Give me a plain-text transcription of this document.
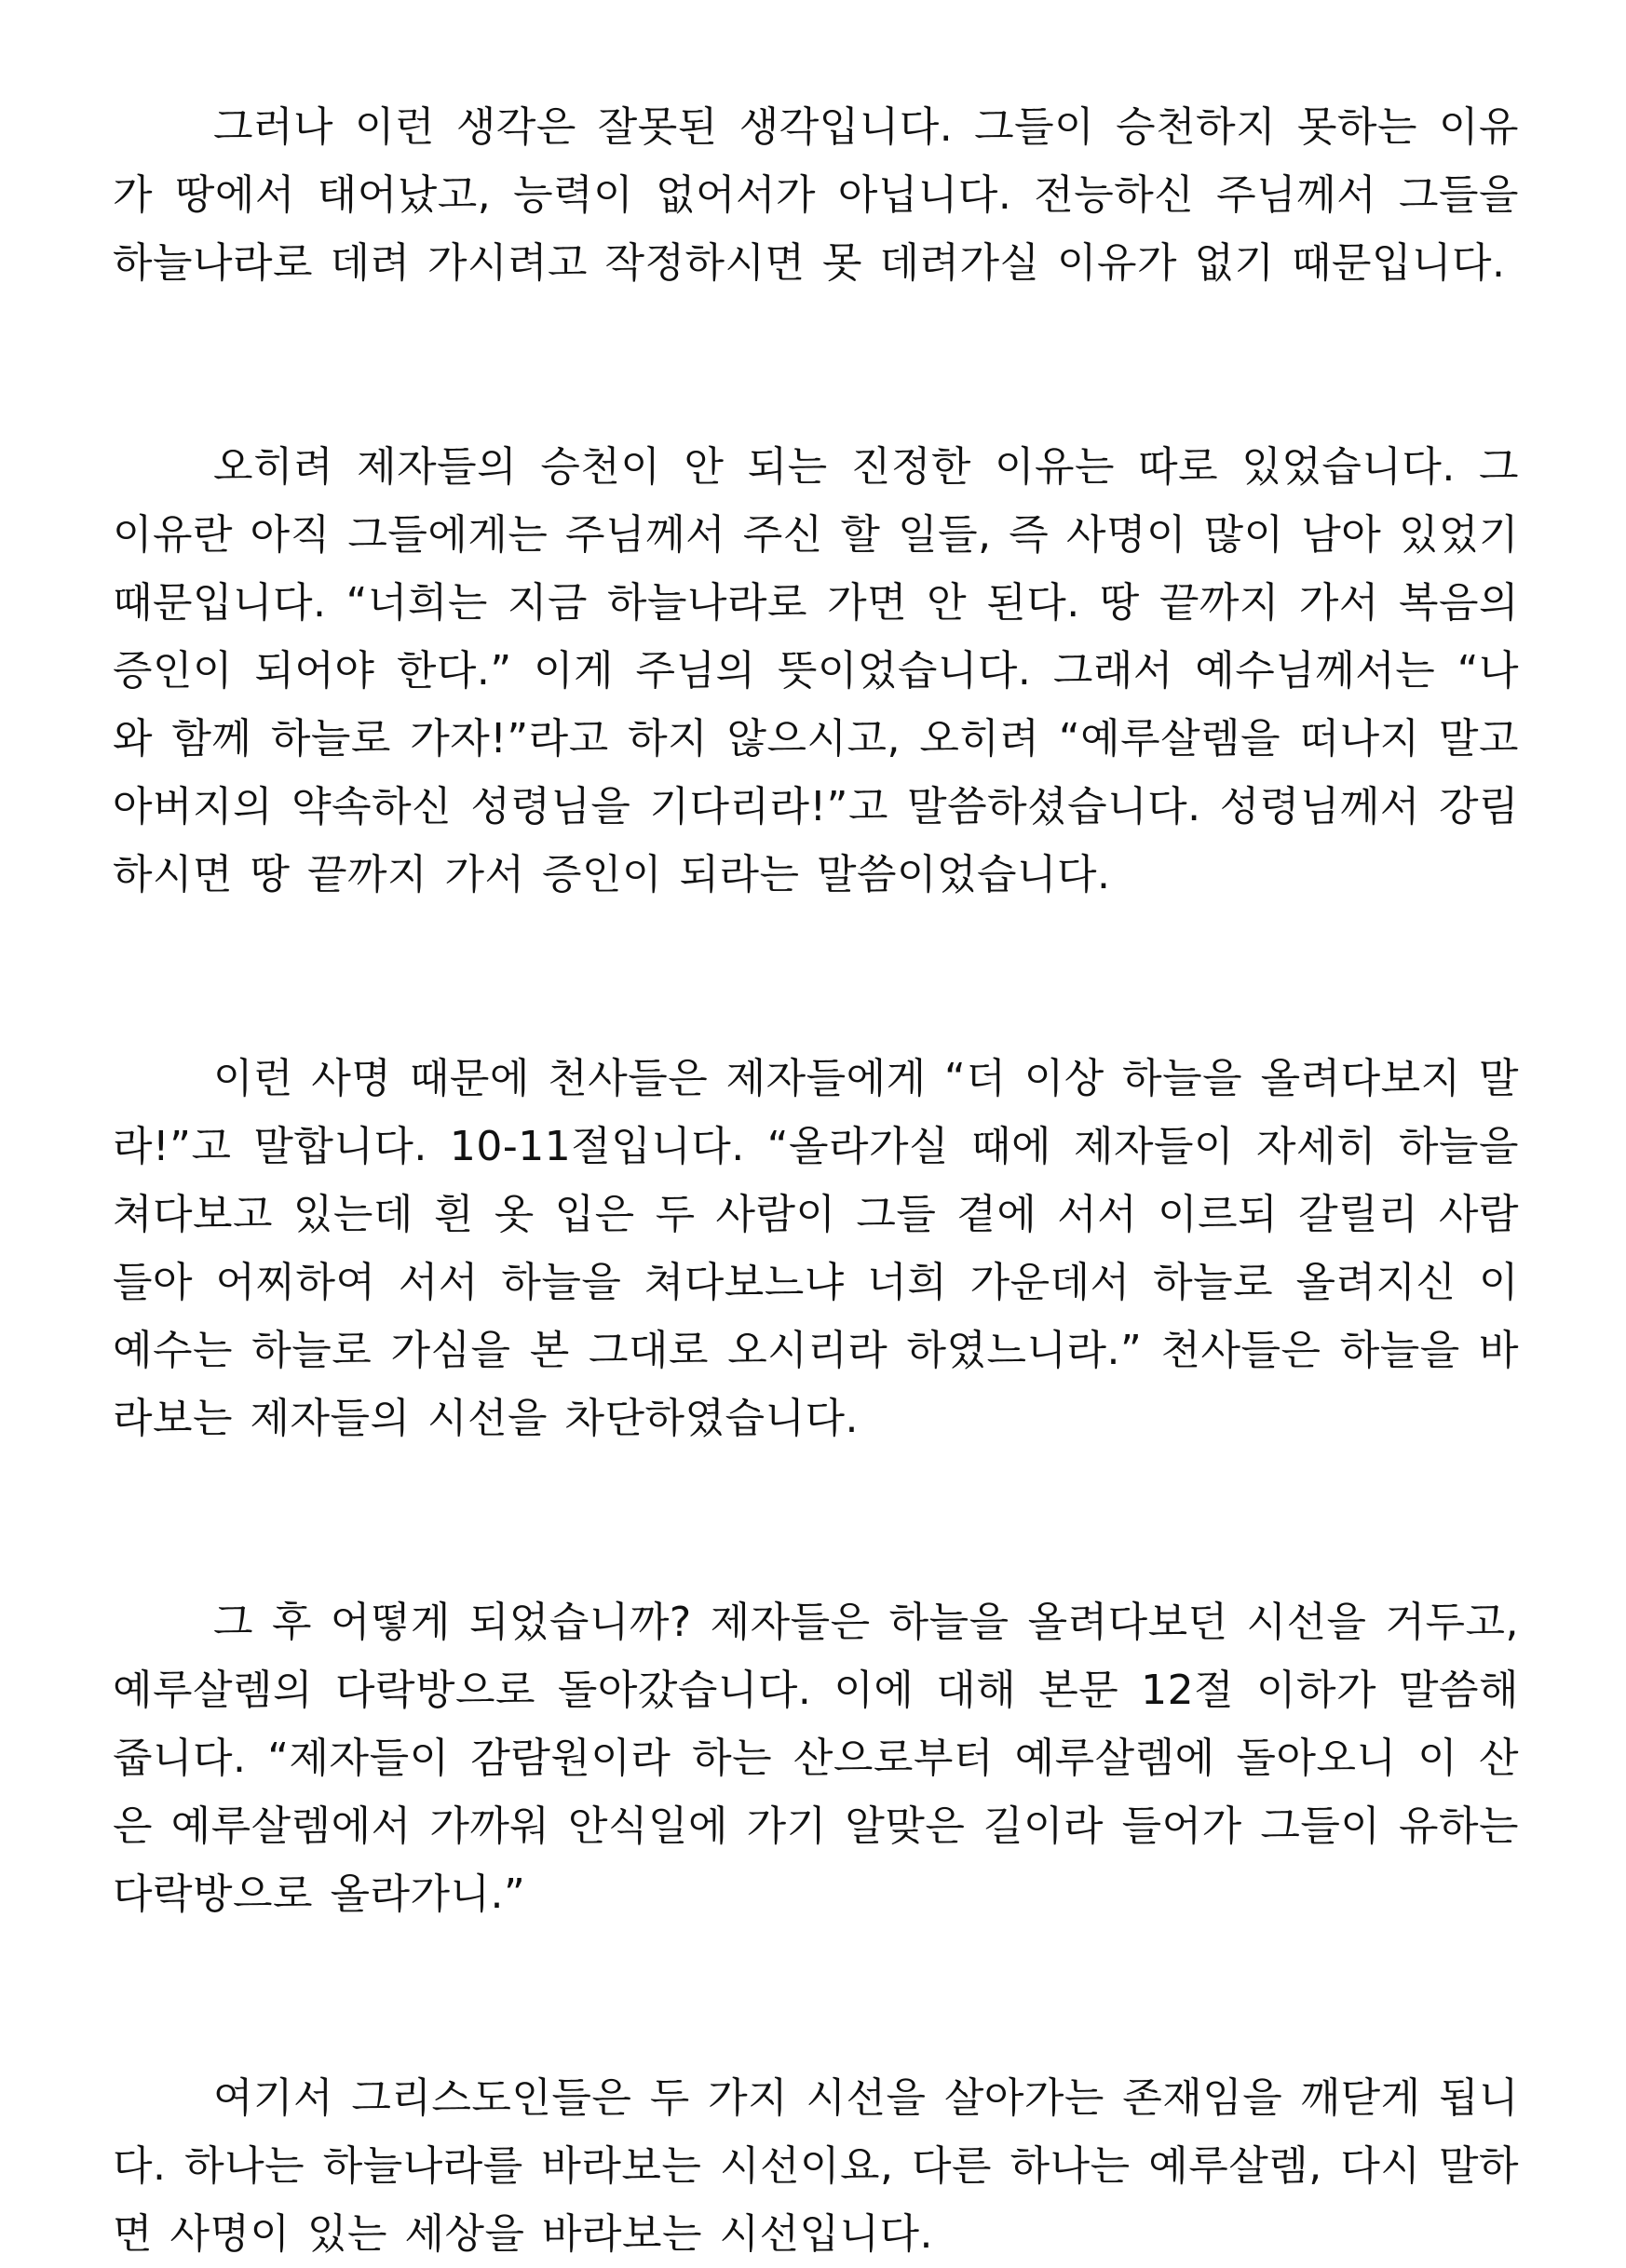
그러나 이런 생각은 잘못된 생각입니다. 그들이 승천하지 못하는 이유가 땅에서 태어났고, 능력이 없어서가 아닙니다. 전능하신 주님께서 그들을 하늘나라로 데려 가시려고 작정하시면 못 데려가실 이유가 없기 때문입니다.

오히려 제자들의 승천이 안 되는 진정한 이유는 따로 있었습니다. 그 이유란 아직 그들에게는 주님께서 주신 할 일들, 즉 사명이 많이 남아 있었기 때문입니다. “너희는 지금 하늘나라로 가면 안 된다. 땅 끝까지 가서 복음의 증인이 되어야 한다.” 이게 주님의 뜻이었습니다. 그래서 예수님께서는 “나와 함께 하늘로 가자!”라고 하지 않으시고, 오히려 “예루살렘을 떠나지 말고 아버지의 약속하신 성령님을 기다리라!”고 말씀하셨습니다. 성령님께서 강림하시면 땅 끝까지 가서 증인이 되라는 말씀이었습니다.

이런 사명 때문에 천사들은 제자들에게 “더 이상 하늘을 올려다보지 말라!”고 말합니다. 10-11절입니다. “올라가실 때에 제자들이 자세히 하늘을 쳐다보고 있는데 흰 옷 입은 두 사람이 그들 곁에 서서 이르되 갈릴리 사람들아 어찌하여 서서 하늘을 쳐다보느냐 너희 가운데서 하늘로 올려지신 이 예수는 하늘로 가심을 본 그대로 오시리라 하였느니라.” 천사들은 하늘을 바라보는 제자들의 시선을 차단하였습니다.

그 후 어떻게 되었습니까? 제자들은 하늘을 올려다보던 시선을 거두고, 예루살렘의 다락방으로 돌아갔습니다. 이에 대해 본문 12절 이하가 말씀해 줍니다. “제자들이 감람원이라 하는 산으로부터 예루살렘에 돌아오니 이 산은 예루살렘에서 가까워 안식일에 가기 알맞은 길이라 들어가 그들이 유하는 다락방으로 올라가니.”

여기서 그리스도인들은 두 가지 시선을 살아가는 존재임을 깨닫게 됩니다. 하나는 하늘나라를 바라보는 시선이요, 다른 하나는 예루살렘, 다시 말하면 사명이 있는 세상을 바라보는 시선입니다.
